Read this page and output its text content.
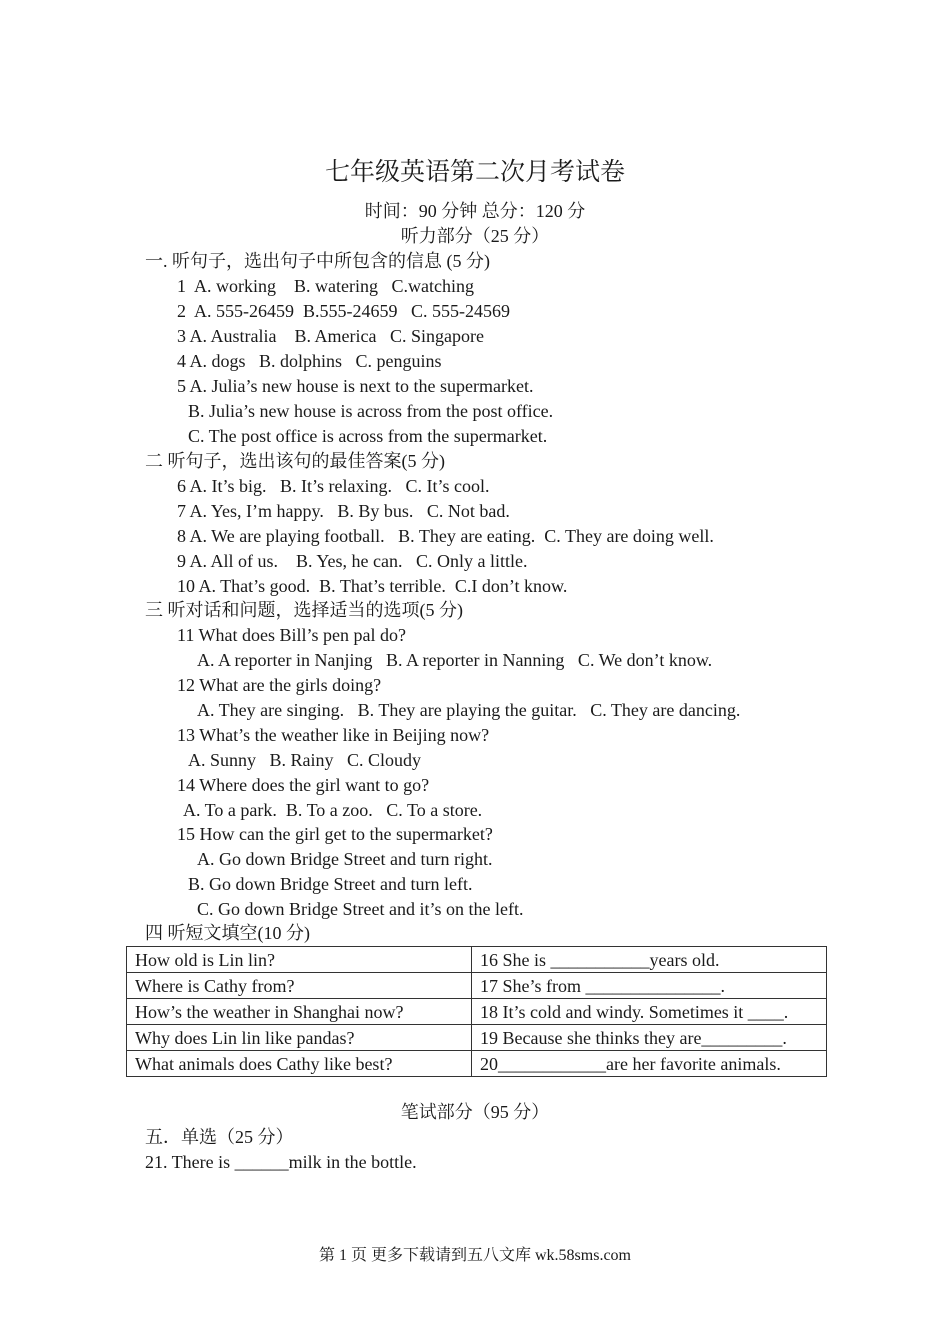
七年级英语第二次月考试卷
时间：90 分钟 总分：120 分
听力部分（25 分）
一. 听句子，选出句子中所包含的信息 (5 分)
1  A. working    B. watering   C.watching
2  A. 555-26459  B.555-24659   C. 555-24569
3 A. Australia    B. America   C. Singapore
4 A. dogs   B. dolphins   C. penguins
5 A. Julia’s new house is next to the supermarket.
B. Julia’s new house is across from the post office.
C. The post office is across from the supermarket.
二 听句子，选出该句的最佳答案(5 分)
6 A. It’s big.   B. It’s relaxing.   C. It’s cool.
7 A. Yes, I’m happy.   B. By bus.   C. Not bad.
8 A. We are playing football.   B. They are eating.  C. They are doing well.
9 A. All of us.    B. Yes, he can.   C. Only a little.
10 A. That’s good.  B. That’s terrible.  C.I don’t know.
三 听对话和问题，选择适当的选项(5 分)
11 What does Bill’s pen pal do?
A. A reporter in Nanjing   B. A reporter in Nanning   C. We don’t know.
12 What are the girls doing?
A. They are singing.   B. They are playing the guitar.   C. They are dancing.
13 What’s the weather like in Beijing now?
A. Sunny   B. Rainy   C. Cloudy
14 Where does the girl want to go?
A. To a park.  B. To a zoo.   C. To a store.
15 How can the girl get to the supermarket?
A. Go down Bridge Street and turn right.
B. Go down Bridge Street and turn left.
C. Go down Bridge Street and it’s on the left.
四 听短文填空(10 分)
How old is Lin lin?	16 She is ___________years old.
Where is Cathy from?	17 She’s from _______________.
How’s the weather in Shanghai now?	18 It’s cold and windy. Sometimes it ____.
Why does Lin lin like pandas?	19 Because she thinks they are_________.
What animals does Cathy like best?	20____________are her favorite animals.
笔试部分（95 分）
五．单选（25 分）
21. There is ______milk in the bottle.
第 1 页 更多下载请到五八文库 wk.58sms.com
